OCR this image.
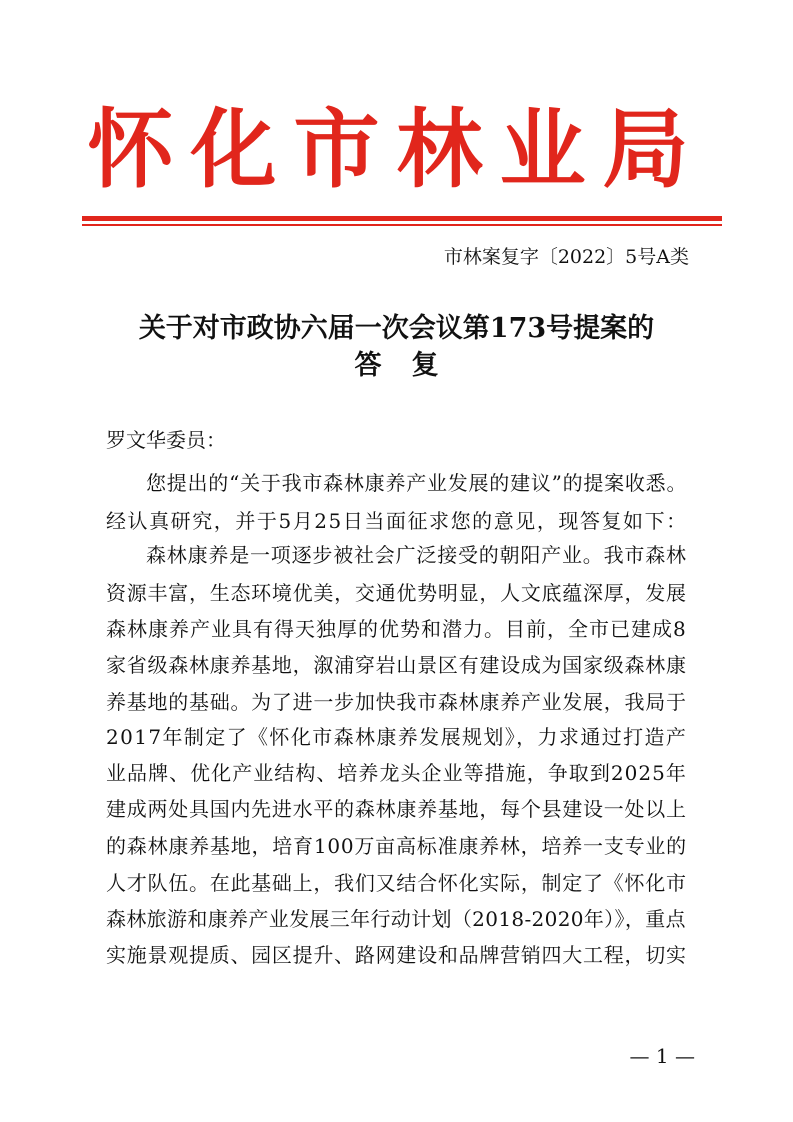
怀化市林业局
市林案复字〔2022〕5号A类
关于对市政协六届一次会议第173号提案的
答复
罗文华委员：
您提出的“关于我市森林康养产业发展的建议”的提案收悉。
经认真研究，并于5月25日当面征求您的意见，现答复如下：
森林康养是一项逐步被社会广泛接受的朝阳产业。我市森林
资源丰富，生态环境优美，交通优势明显，人文底蕴深厚，发展
森林康养产业具有得天独厚的优势和潜力。目前，全市已建成8
家省级森林康养基地，溆浦穿岩山景区有建设成为国家级森林康
养基地的基础。为了进一步加快我市森林康养产业发展，我局于
2017年制定了《怀化市森林康养发展规划》，力求通过打造产
业品牌、优化产业结构、培养龙头企业等措施，争取到2025年
建成两处具国内先进水平的森林康养基地，每个县建设一处以上
的森林康养基地，培育100万亩高标准康养林，培养一支专业的
人才队伍。在此基础上，我们又结合怀化实际，制定了《怀化市
森林旅游和康养产业发展三年行动计划（2018-2020年）》，重点
实施景观提质、园区提升、路网建设和品牌营销四大工程，切实
— 1 —
